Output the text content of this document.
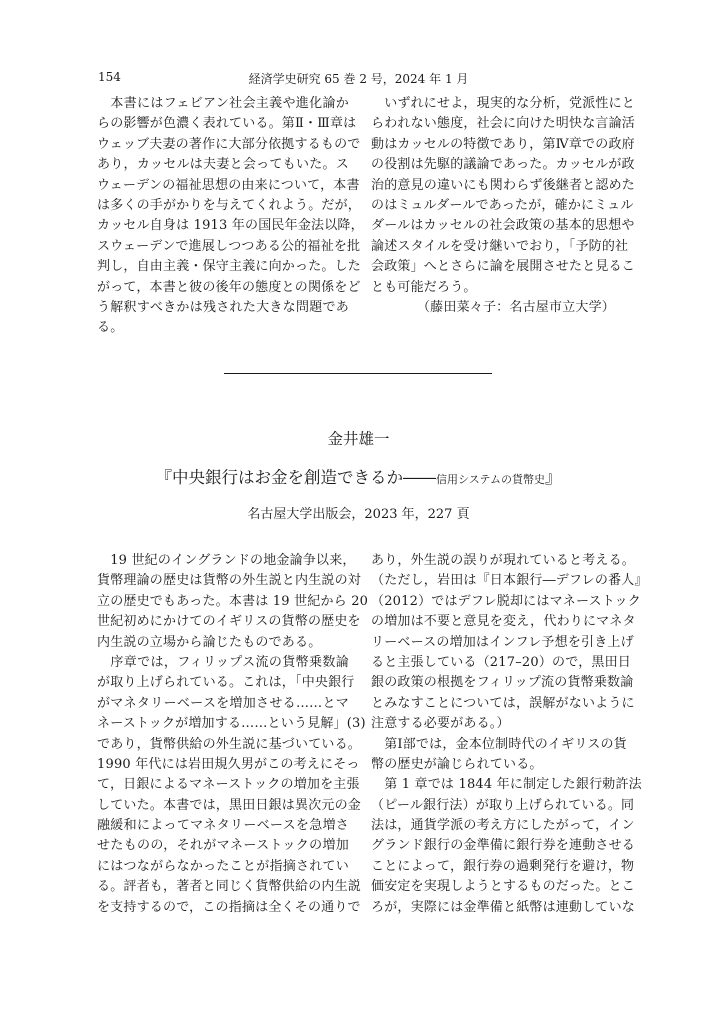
154	経済学史研究 65 巻 2 号，2024 年 1 月
　本書にはフェビアン社会主義や進化論か
らの影響が色濃く表れている。第Ⅱ・Ⅲ章は
ウェッブ夫妻の著作に大部分依拠するもので
あり，カッセルは夫妻と会ってもいた。ス
ウェーデンの福祉思想の由来について，本書
は多くの手がかりを与えてくれよう。だが，
カッセル自身は 1913 年の国民年金法以降，
スウェーデンで進展しつつある公的福祉を批
判し，自由主義・保守主義に向かった。した
がって，本書と彼の後年の態度との関係をど
う解釈すべきかは残された大きな問題であ
る。
　いずれにせよ，現実的な分析，党派性にと
らわれない態度，社会に向けた明快な言論活
動はカッセルの特徴であり，第Ⅳ章での政府
の役割は先駆的議論であった。カッセルが政
治的意見の違いにも関わらず後継者と認めた
のはミュルダールであったが，確かにミュル
ダールはカッセルの社会政策の基本的思想や
論述スタイルを受け継いでおり，「予防的社
会政策」へとさらに論を展開させたと見るこ
とも可能だろう。
（藤田菜々子：名古屋市立大学）
金井雄一
『中央銀行はお金を創造できるか――信用システムの貨幣史』
名古屋大学出版会，2023 年，227 頁
　19 世紀のイングランドの地金論争以来，
貨幣理論の歴史は貨幣の外生説と内生説の対
立の歴史でもあった。本書は 19 世紀から 20
世紀初めにかけてのイギリスの貨幣の歴史を
内生説の立場から論じたものである。
　序章では，フィリップス流の貨幣乗数論
が取り上げられている。これは，「中央銀行
がマネタリーベースを増加させる……とマ
ネーストックが増加する……という見解」(3)
であり，貨幣供給の外生説に基づいている。
1990 年代には岩田規久男がこの考えにそっ
て，日銀によるマネーストックの増加を主張
していた。本書では，黒田日銀は異次元の金
融緩和によってマネタリーベースを急増さ
せたものの，それがマネーストックの増加
にはつながらなかったことが指摘されてい
る。評者も，著者と同じく貨幣供給の内生説
を支持するので，この指摘は全くその通りで
あり，外生説の誤りが現れていると考える。
（ただし，岩田は『日本銀行―デフレの番人』
（2012）ではデフレ脱却にはマネーストック
の増加は不要と意見を変え，代わりにマネタ
リーベースの増加はインフレ予想を引き上げ
ると主張している（217–20）ので，黒田日
銀の政策の根拠をフィリップ流の貨幣乗数論
とみなすことについては，誤解がないように
注意する必要がある。）
　第Ⅰ部では，金本位制時代のイギリスの貨
幣の歴史が論じられている。
　第 1 章では 1844 年に制定した銀行勅許法
（ピール銀行法）が取り上げられている。同
法は，通貨学派の考え方にしたがって，イン
グランド銀行の金準備に銀行券を連動させる
ことによって，銀行券の過剰発行を避け，物
価安定を実現しようとするものだった。とこ
ろが，実際には金準備と紙幣は連動していな
